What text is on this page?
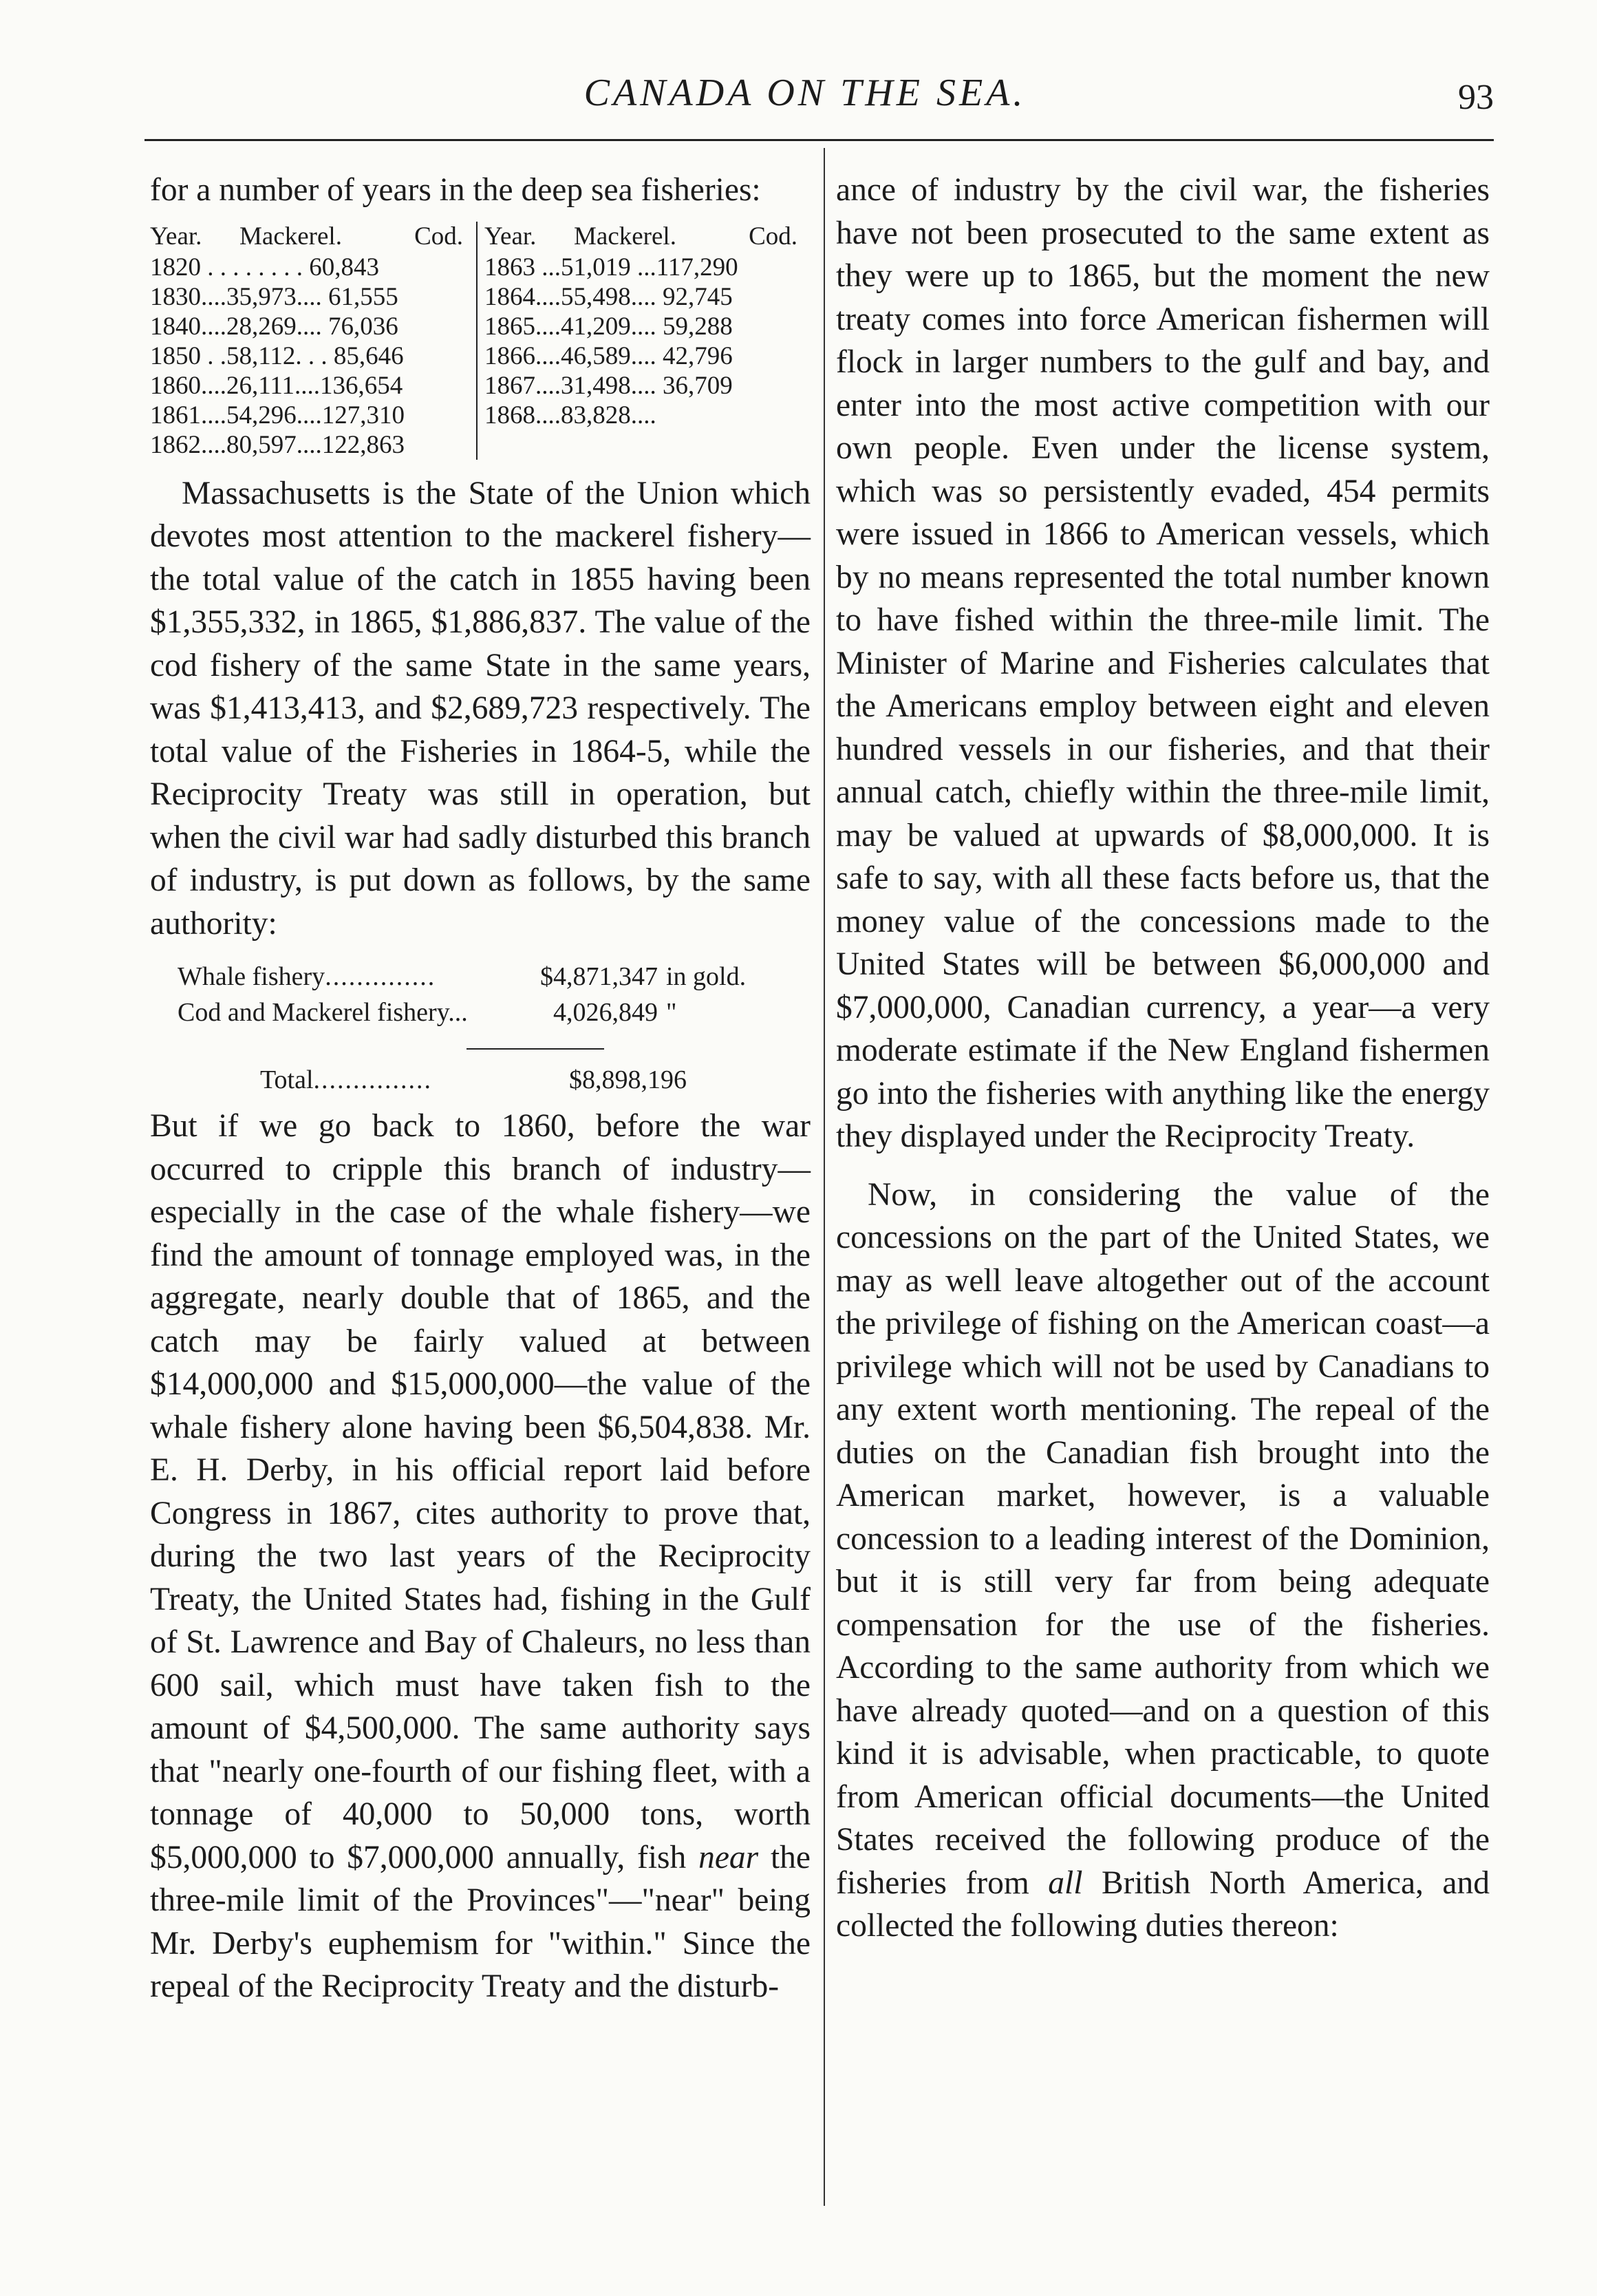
CANADA ON THE SEA.	93

for a number of years in the deep sea fisheries:

Year.	Mackerel.	Cod.
1820 . . . . . . . . 60,843
1830....35,973.... 61,555
1840....28,269.... 76,036
1850 . .58,112. . . 85,646
1860....26,111....136,654
1861....54,296....127,310
1862....80,597....122,863
Year.	Mackerel.	Cod.
1863 ...51,019 ...117,290
1864....55,498.... 92,745
1865....41,209.... 59,288
1866....46,589.... 42,796
1867....31,498.... 36,709
1868....83,828....

Massachusetts is the State of the Union which devotes most attention to the mackerel fishery—the total value of the catch in 1855 having been $1,355,332, in 1865, $1,886,837. The value of the cod fishery of the same State in the same years, was $1,413,413, and $2,689,723 respectively. The total value of the Fisheries in 1864-5, while the Reciprocity Treaty was still in operation, but when the civil war had sadly disturbed this branch of industry, is put down as follows, by the same authority:

Whale fishery ..............	$4,871,347 in gold.
Cod and Mackerel fishery...	4,026,849 "
Total ...............	$8,898,196

But if we go back to 1860, before the war occurred to cripple this branch of industry—especially in the case of the whale fishery—we find the amount of tonnage employed was, in the aggregate, nearly double that of 1865, and the catch may be fairly valued at between $14,000,000 and $15,000,000—the value of the whale fishery alone having been $6,504,838. Mr. E. H. Derby, in his official report laid before Congress in 1867, cites authority to prove that, during the two last years of the Reciprocity Treaty, the United States had, fishing in the Gulf of St. Lawrence and Bay of Chaleurs, no less than 600 sail, which must have taken fish to the amount of $4,500,000. The same authority says that "nearly one-fourth of our fishing fleet, with a tonnage of 40,000 to 50,000 tons, worth $5,000,000 to $7,000,000 annually, fish near the three-mile limit of the Provinces"—"near" being Mr. Derby's euphemism for "within." Since the repeal of the Reciprocity Treaty and the disturb-

ance of industry by the civil war, the fisheries have not been prosecuted to the same extent as they were up to 1865, but the moment the new treaty comes into force American fishermen will flock in larger numbers to the gulf and bay, and enter into the most active competition with our own people. Even under the license system, which was so persistently evaded, 454 permits were issued in 1866 to American vessels, which by no means represented the total number known to have fished within the three-mile limit. The Minister of Marine and Fisheries calculates that the Americans employ between eight and eleven hundred vessels in our fisheries, and that their annual catch, chiefly within the three-mile limit, may be valued at upwards of $8,000,000. It is safe to say, with all these facts before us, that the money value of the concessions made to the United States will be between $6,000,000 and $7,000,000, Canadian currency, a year—a very moderate estimate if the New England fishermen go into the fisheries with anything like the energy they displayed under the Reciprocity Treaty.

Now, in considering the value of the concessions on the part of the United States, we may as well leave altogether out of the account the privilege of fishing on the American coast—a privilege which will not be used by Canadians to any extent worth mentioning. The repeal of the duties on the Canadian fish brought into the American market, however, is a valuable concession to a leading interest of the Dominion, but it is still very far from being adequate compensation for the use of the fisheries. According to the same authority from which we have already quoted—and on a question of this kind it is advisable, when practicable, to quote from American official documents—the United States received the following produce of the fisheries from all British North America, and collected the following duties thereon:
